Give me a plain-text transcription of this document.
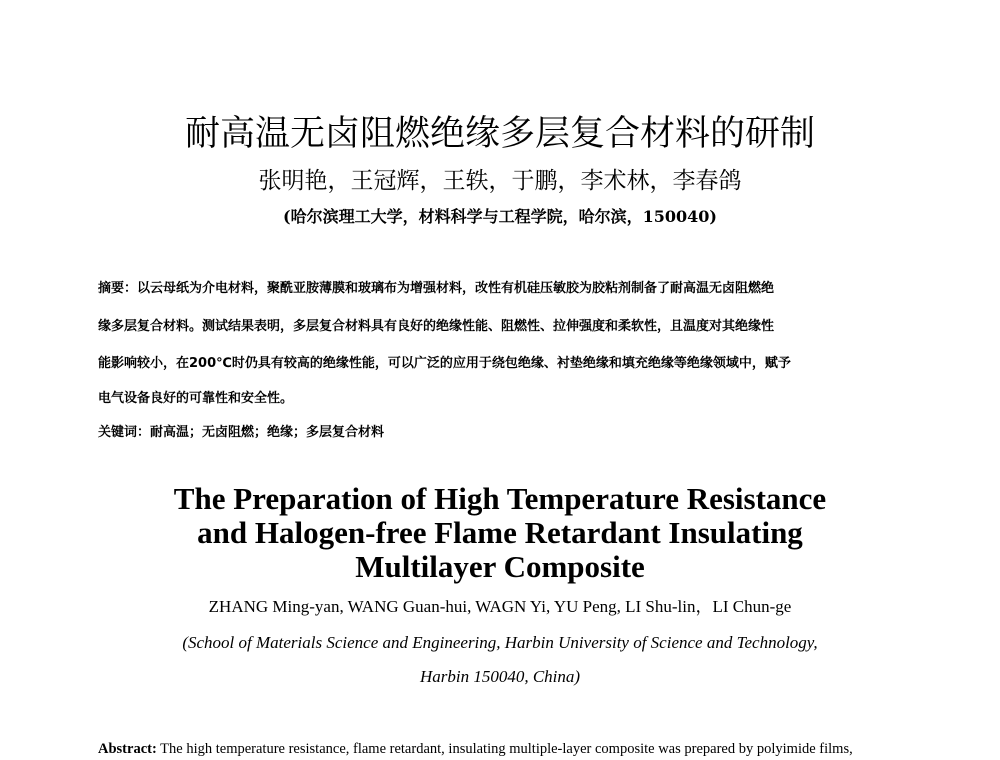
耐高温无卤阻燃绝缘多层复合材料的研制
张明艳，王冠辉，王轶，于鹏，李术林，李春鸽
(哈尔滨理工大学，材料科学与工程学院，哈尔滨，150040)
摘要：以云母纸为介电材料，聚酰亚胺薄膜和玻璃布为增强材料，改性有机硅压敏胶为胶粘剂制备了耐高温无卤阻燃绝
缘多层复合材料。测试结果表明，多层复合材料具有良好的绝缘性能、阻燃性、拉伸强度和柔软性，且温度对其绝缘性
能影响较小，在200℃时仍具有较高的绝缘性能，可以广泛的应用于绕包绝缘、衬垫绝缘和填充绝缘等绝缘领域中，赋予
电气设备良好的可靠性和安全性。
关键词：耐高温；无卤阻燃；绝缘；多层复合材料
The Preparation of High Temperature Resistance
and Halogen-free Flame Retardant Insulating
Multilayer Composite
ZHANG Ming-yan, WANG Guan-hui, WAGN Yi, YU Peng, LI Shu-lin，LI Chun-ge
(School of Materials Science and Engineering, Harbin University of Science and Technology,
Harbin 150040, China)
Abstract: The high temperature resistance, flame retardant, insulating multiple-layer composite was prepared by polyimide films,
